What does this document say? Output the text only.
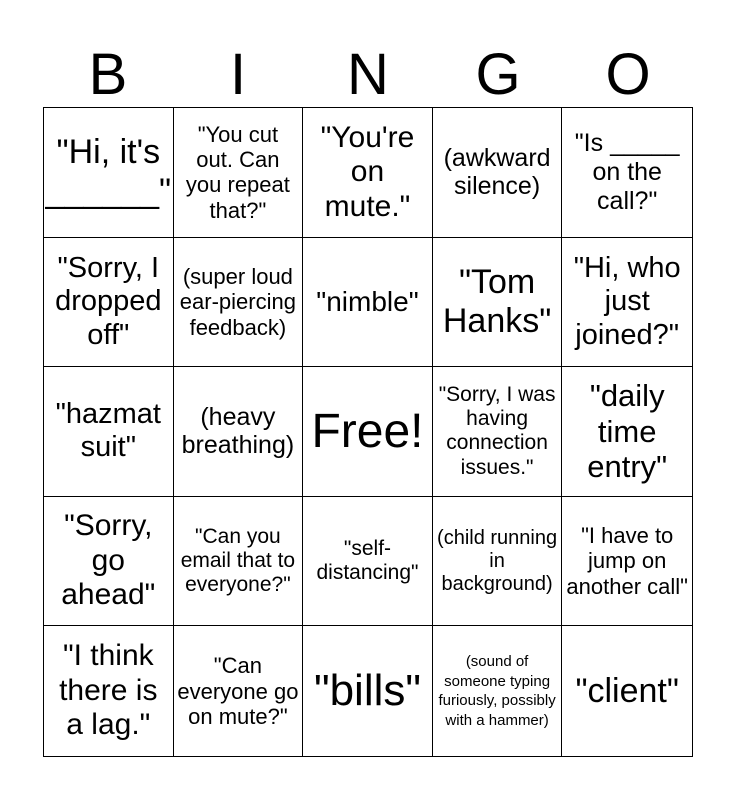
B	I	N	G	O
"Hi, it's ______"
"You cut out. Can you repeat that?"
"You're on mute."
(awkward silence)
"Is _____ on the call?"
"Sorry, I dropped off"
(super loud ear-piercing feedback)
"nimble"
"Tom Hanks"
"Hi, who just joined?"
"hazmat suit"
(heavy breathing) Free!
"Sorry, I was having connection issues."
"daily time entry"
"Sorry, go ahead"
"Can you email that to everyone?"
"self-distancing"
(child running in background)
"I have to jump on another call"
"I think there is a lag."
"Can everyone go on mute?"
"bills"
(sound of someone typing furiously, possibly with a hammer)
"client"
